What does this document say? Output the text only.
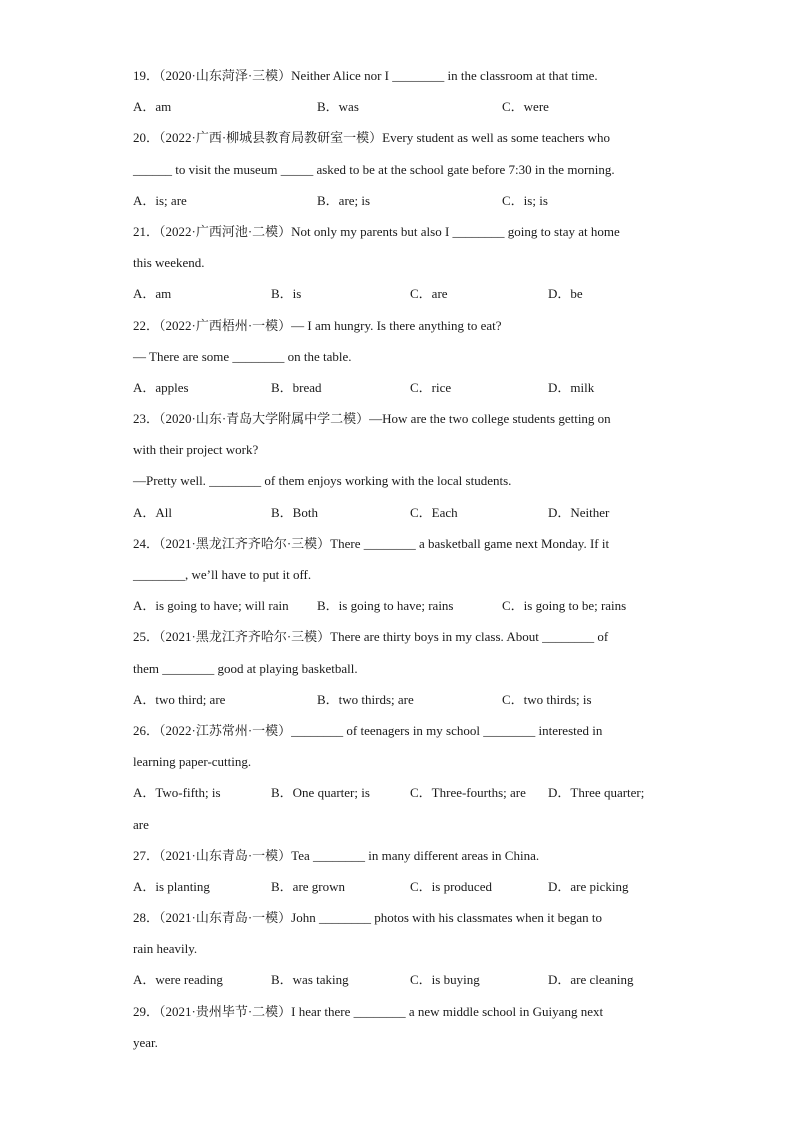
19．（2020·山东菏泽·三模）Neither Alice nor I ________ in the classroom at that time.
A．am	B．was	C．were
20．（2022·广西·柳城县教育局教研室一模）Every student as well as some teachers who
______ to visit the museum _____ asked to be at the school gate before 7:30 in the morning.
A．is; are	B．are; is	C．is; is
21．（2022·广西河池·二模）Not only my parents but also I ________ going to stay at home
this weekend.
A．am	B．is	C．are	D．be
22．（2022·广西梧州·一模）— I am hungry. Is there anything to eat?
— There are some ________ on the table.
A．apples	B．bread	C．rice	D．milk
23．（2020·山东·青岛大学附属中学二模）—How are the two college students getting on
with their project work?
—Pretty well. ________ of them enjoys working with the local students.
A．All	B．Both	C．Each	D．Neither
24．（2021·黑龙江齐齐哈尔·三模）There ________ a basketball game next Monday. If it
________, we’ll have to put it off.
A．is going to have; will rain B．is going to have; rains	C．is going to be; rains
25．（2021·黑龙江齐齐哈尔·三模）There are thirty boys in my class. About ________ of
them ________ good at playing basketball.
A．two third; are	B．two thirds; are	C．two thirds; is
26．（2022·江苏常州·一模）________ of teenagers in my school ________ interested in
learning paper-cutting.
A．Two-fifth; is	B．One quarter; is	C．Three-fourths; are D．Three quarter;
are
27．（2021·山东青岛·一模）Tea ________ in many different areas in China.
A．is planting	B．are grown	C．is produced	D．are picking
28．（2021·山东青岛·一模）John ________ photos with his classmates when it began to
rain heavily.
A．were reading	B．was taking	C．is buying	D．are cleaning
29．（2021·贵州毕节·二模）I hear there ________ a new middle school in Guiyang next
year.
